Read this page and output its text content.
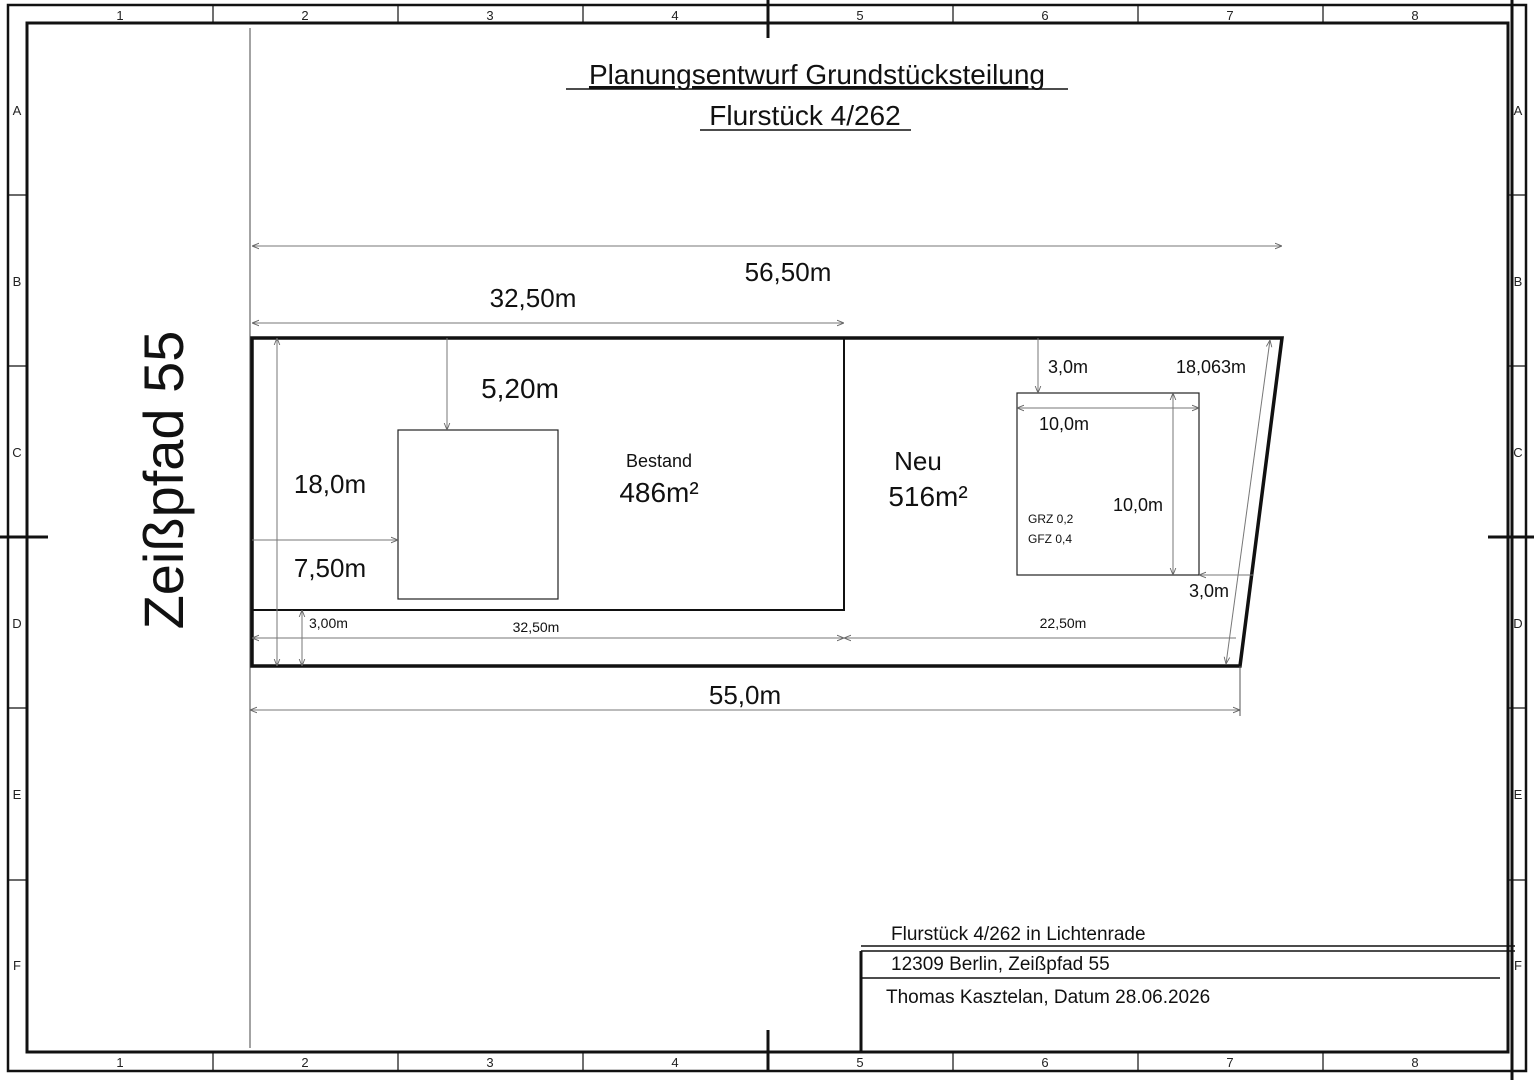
1	2	3	4	5	6	7	8
1	2	3	4	5	6	7	8
A
B
C
D
E
F
A
B
C
D
E
F
Planungsentwurf Grundstücksteilung
Flurstück 4/262
Zeißpfad 55
56,50m
32,50m
5,20m
18,0m
7,50m
3,00m	32,50m	22,50m
55,0m
3,0m	18,063m
10,0m
10,0m
3,0m
Bestand
486m²
Neu
516m²
GRZ 0,2
GFZ 0,4
Flurstück 4/262 in Lichtenrade
12309 Berlin, Zeißpfad 55
Thomas Kasztelan, Datum 28.06.2026
